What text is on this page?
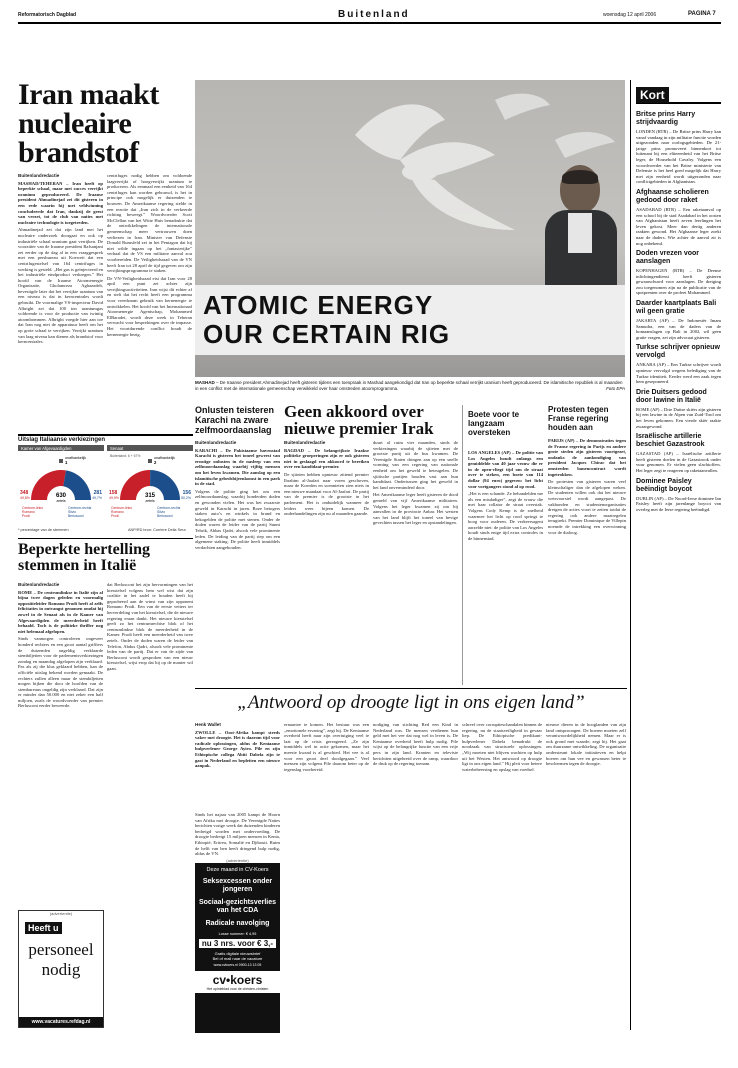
Reformatorisch Dagblad	Buitenland	woensdag 12 april 2006	PAGINA 7
Iran maakt nucleaire brandstof
Buitenlandredactie

MASHAD/TEHERAN – Iran heeft op beperkte schaal, maar met succes verrijkt uranium geproduceerd. De Iraanse president Ahmadinejad zei dit gisteren in een rede waarin hij met veldwinning concludeerde dat Iran, dankzij de geest van verzet, tot de club van naties met nucleaire technologie is toegetreden.

Ahmadinejad zei dat zijn land met het nucleaire onderzoek doorgaat en ook op industriële schaal uranium gaat verrijken. De voorzitter van de Iraanse president Rafsanjani zei eerder op de dag al in een vraaggesprek met een persbureau uit Koeweit dat een centrifugestelsel van 164 centrifuges in werking is gesteld. „Het gas is geïnjecteerd en het industriële eindproduct verkregen.” Het hoofd van de Iraanse Atoomenergie Organisatie, Gholamreza Aghazadeh, bevestigde later dat het verrijkte uranium van een niveau is dat in kerncentrales wordt gebruikt. De voormalige VS-inspecteur David Albright zei dat 100 ton uraniumgas voldoende is voor de productie van twintig atoombommen. Albright voegde hier aan toe dat Iran nog niet de apparatuur heeft om het op grote schaal te verrijken. Verrijkt uranium van laag niveau kan dienen als brandstof voor kerncentrales.

centrifuges nodig hebben om voldoende laagverrijkt of hoogverrijkt uranium te produceren. Als eenmaal een eenheid van 164 centrifuges kan worden gebouwd, is het in principe ook mogelijk er duizenden te bouwen. De Amerikaanse regering stelde in een reactie dat „Iran zich in de verkeerde richting beweegt.” Woordvoerder Scott McClellan van het Witte Huis benadrukte dat de ontwikkelingen de internationale gemeenschap meer vertrouwen doen verliezen in Iran. Minister van Defensie Donald Rumsfeld zei in het Pentagon dat hij niet wilde ingaan op het „fantasierijke” verhaal dat de VS een militaire aanval zou voorbereiden. De Veiligheidsraad van de VN heeft Iran tot 28 april de tijd gegeven om zijn verrijkingsprogramma te staken.

De VN-Veiligheidsraad eist dat Iran voor 28 april een punt zet achter zijn verrijkingsactiviteiten. Iran wijst dit echter af en stelt dat het recht heeft een programma voor vreedzaam gebruik van kernenergie te ontwikkelen. Het hoofd van het Internationaal Atoomenergie Agentschap, Mohammed ElBaradei, wordt deze week in Teheran verwacht voor besprekingen over de impasse. Het voortdurende conflict houdt de kernenergie bezig.

ATOMIC ENERGY
OUR CERTAIN RIG
MASHAD – De Iraanse president Ahmadinejad heeft gisteren tijdens een toespraak in Mashad aangekondigd dat Iran op beperkte schaal verrijkt uranium heeft geproduceerd. De islamitische republiek is al maanden in een conflict met de internationale gemeenschap verwikkeld over haar omstreden atoomprogramma.	Foto EPA
Uitslag Italiaanse verkiezingen
Kamer van Afgevaardigden	Senaat
630
zetels
348
49,8%
281
49,7%
onafhankelijk
1
Centrum-links Romano Prodi
Centrum-rechts Silvio Berlusconi
315
zetels
158
49,9%
156
50,2%
onafhankelijk
2
Buitenland: 6 + 67%
Centrum-links Romano Prodi
Centrum-rechts Silvio Berlusconi
* percentage van de stemmen	ANP/RD bron: Corriere Della Sera
Beperkte hertelling stemmen in Italië
Buitenlandredactie

ROME – De centrumlinkse in Italië zijn al bijna twee dagen geleden en voormalig oppositieleider Romano Prodi heeft al zelfs felicitaties in ontvangst genomen omdat hij zowel in de Senaat als in de Kamer van Afgevaardigden de meerderheid heeft behaald. Toch is de politieke thriller nog niet helemaal afgelopen.

Sinds vannorgen controleren ongeveer honderd rechters en een groot aantal griffiers de duizenden ongeldig verklaarde stembiljetten voor de parlementsverkiezingen zondag en maandag afgelopen zijn verklaard. Pas als zij die klus geklaard hebben, kan de officiële uitslag bekend worden gemaakt. De rechters zullen alleen maar de stembiljetten mogen bijken die door de hoofden van de stembureaus ongeldig zijn verklaard. Dat zijn er minder dan 50.000 en niet zeker een half miljoen, zoals de woordvoerder van premier Berlusconi eerder beweerde.

dat Berlusconi het zijn hervormingen van het kiesstelsel volgens hem wel wist dat zijn coalitie in het zadel te houden heeft hij geprobeerd aan de winst van zijn opponent Romano Prodi. Een van de eerste vetters ter herverdeling van het kiesstelsel, die de nieuwe regering eraan dankt. Het nieuwe kiesstelsel geeft zo het centrumrechtse blok of het centrumlinkse blok de meerderheid in de Kamer. Prodi heeft een meerderheid van twee zetels. Onder de doden waren de leider van Telefon, Abdus Qadri, alsook vele prominente leden van de partij. Dat er van de zijde van Berlusconi wordt gesproken van een nieuw kiesstelsel, wijst erop dat hij op de manier wil gaan.

(advertentie)
Heeft u
personeel
nodig
www.vacatures.refdag.nl
Onlusten teisteren Karachi na zware zelfmoordaanslag
Buitenlandredactie

KARACHI – De Pakistaanse havenstad Karachi is gisteren het toneel geweest van ernstige onlusten in de nasleep van een zelfmoordaanslag waarbij vijftig mensen om het leven kwamen. Die aanslag op een islamitische gebedsbijeenkomst in een park in de stad.

Volgens de politie ging het om een zelfmoordaanslag, waarbij honderden doden en gewonden vielen. Het was het zwaarste geweld in Karachi in jaren. Boze betogers staken auto’s en winkels in brand en bekogelden de politie met stenen. Onder de doden waren de leider van de partij Sunni Tehrik, Abbas Qadri, alsook vele prominente leden. De leiding van de partij riep om een algemene staking. De politie heeft inmiddels verdachten aangehouden.

Geen akkoord over nieuwe premier Irak
Buitenlandredactie

BAGDAD – De belangrijkste Iraakse politieke groeperingen zijn er ook gisteren niet in geslaagd een akkoord te bereiken over een kandidaat-premier.

De sjiieten hebben opnieuw zittend premier Ibrahim al-Jaafari naar voren geschoven, maar de Koerden en soennieten zien niets in een nieuwe mandaat voor Al-Jaafari. De partij van de premier is de grootste in het parlement. Het is onduidelijk wanneer de leiders weer bijeen komen. De onderhandelingen zijn nu al maanden gaande.

duurt al ruim vier maanden, sinds de verkiezingen waarbij de sjiieten met de grootste partij uit de bus kwamen. De Verenigde Staten dringen aan op een snelle vorming van een regering van nationale eenheid om het geweld te beteugelen. De sjiitische partijen houden vast aan hun kandidaat. Ondertussen ging het geweld in het land onverminderd door.

Het Amerikaanse leger heeft gisteren de dood gemeld van vijf Amerikaanse militairen. Volgens het leger kwamen zij om bij aanvallen in de provincie Anbar. Het westen van het land blijft het toneel van hevige gevechten tussen het leger en opstandelingen.

Boete voor te langzaam oversteken

LOS ANGELES (AP) – De politie van Los Angeles houdt onlangs een gemiddelde van 40 jaar vrouw die er in de open-vliegt tijd om de straat over te steken, een boete van 114 dollar (94 euro) gegeven: het licht voor voetgangers stond al op rood.

„Het is een schande. Ze behandelden me als een misdadiger”, zegt de vrouw die met haar rollator de straat overstak. Volgens Cody Kemp is de snelheid waarmee het licht op rood springt te hoog voor ouderen. De verkeersagent aarzelde niet: de politie van Los Angeles houdt sinds enige tijd extra controles in de binnenstad.

Protesten tegen Franse regering houden aan

PARIJS (AP) – De demonstraties tegen de Franse regering in Parijs en andere grote steden zijn gisteren voortgezet, ondanks de aankondiging van president Jacques Chirac dat het omstreden banencontract wordt ingetrokken.

De protesten van gisteren waren veel kleinschaliger dan de afgelopen weken. De studenten willen ook dat het nieuwe wetsvoorstel wordt aangepast. De vakbonden en studentenorganisaties dreigen de acties voort te zetten totdat de regering ook andere maatregelen terugtrekt. Premier Dominique de Villepin noemde de intrekking een overwinning voor de dialoog.

„Antwoord op droogte ligt in ons eigen land”
Henk Wallet

ZWOLLE – Oost-Afrika kampt steeds vaker met droogte. Het is daarom tijd voor radicale oplossingen, aldus de Keniaanse hulpverlener George Ayiro. Pile en zijn Ethiopische collega Abiti Dabela zijn te gast in Nederland en bepleiten een nieuwe aanpak.

Sinds het najaar van 2005 kampt de Hoorn van Afrika met droogte. De Verenigde Naties berichten vorige week dat duizenden kinderen bedreigd worden met ondervoeding. De droogte bedreigt 15 miljoen mensen in Kenia, Ethiopië, Eritrea, Somalië en Djibouti. Ruim de helft van hen heeft dringend hulp nodig, aldus de VN.

(advertentie)
Deze maand in CV-Koers
Seksexcessen onder jongeren
Sociaal-gezichtsverlies van het CDA
Radicale navolging
Losse nummer: € 4,95
nu 3 nrs. voor € 3,-
Gratis digitale nieuwsbrief
Bel of mail naar de vacature
www.cvkoers.nl 0900-13 13 05
cv•koers
Het opinieblad voor de christen-christen

ernaartoe te komen. Het bestuur was een „emotionele ervaring”, zegt hij. De Keniaanse overheid heeft naar zijn overtuiging veel te laat op de crisis gereageerd. „Ze zijn inmiddels wel in actie gekomen, maar het meeste kwaad is al geschied. Het vee is al voor een groot deel doodgegaan.” Veel mensen zijn volgens Pile daarom beter op de tegenslag voorbereid.

nodiging van stichting Red een Kind in Nederland was. De mensen verdienen hun geld met het vee dat nog wel in leven is. De Keniaanse overheid heeft hulp nodig. Pile wijst op de belangrijke functie van een vrije pers in zijn land. Kranten en televisie berichtten uitgebreid over de ramp, waardoor de druk op de regering toenam.

schreef over corruptieschandalen binnen de regering, nu de staatsveiligheid in gevaar liep. De Ethiopische predikant-hulpverlener Dabela benadrukt de noodzaak van structurele oplossingen. „Wij moeten niet blijven wachten op hulp uit het Westen. Het antwoord op droogte ligt in ons eigen land.” Hij pleit voor betere waterbeheersing en opslag van voedsel.

nieuwe dieren in de hooglanden van zijn land ontsproongen. De boeren moeten zelf verantwoordelijkheid nemen. Maar er is ook grond met waarde, zegt hij. Het gaat om duurzame ontwikkeling. De organisatie ondersteunt lokale initiatieven en helpt boeren om hun vee en gewassen beter te beschermen tegen de droogte.

Kort
Britse prins Harry strijdvaardig
LONDEN (RTR) – De Britse prins Harry kan vanaf vandaag in zijn militaire functie worden uitgezonden naar oorlogsgebieden. De 21-jarige prins promoveert binnenkort tot luitenant bij een eliteeenheid van het Britse leger, de Household Cavalry. Volgens een woordvoerder van het Britse ministerie van Defensie is het heel goed mogelijk dat Harry met zijn eenheid wordt uitgezonden naar conflictgebieden in Afghanistan.
Afghaanse scholieren gedood door raket
ASADABAD (RTR) – Een raketaanval op een school bij de stad Asadabad in het oosten van Afghanistan heeft zeven leerlingen het leven gekost. Meer dan dertig anderen raakten gewond. Het Afghaanse leger zoekt naar de daders. Wie achter de aanval zit is nog onbekend.
Doden vrezen voor aanslagen
KOPENHAGEN (RTR) – De Deense inlichtingendienst heeft gisteren gewaarschuwd voor aanslagen. De dreiging zou toegenomen zijn na de publicatie van de spotprenten over de profeet Mohammed.
Daarder kaartplaats Bali wil geen gratie
JAKARTA (AP) – De Indonesiër Imam Samudra, een van de daders van de bomaanslagen op Bali in 2002, wil geen gratie vragen, zei zijn advocaat gisteren.
Turkse schrijver opnieuw vervolgd
ANKARA (AP) – Een Turkse schrijver wordt opnieuw vervolgd wegens belediging van de Turkse identiteit. Eerder werd een zaak tegen hem geseponeerd.
Drie Duitsers gedood door lawine in Italië
ROME (AP) – Drie Duitse skiërs zijn gisteren bij een lawine in de Alpen van Zuid-Tirol om het leven gekomen. Een vierde skiër raakte zwaargewond.
Israëlische artillerie beschiet Gazastrook
GAZASTAD (AP) – Israëlische artillerie heeft gisteren doelen in de Gazastrook onder vuur genomen. Er vielen geen slachtoffers. Het leger zegt te reageren op raketaanvallen.
Dominee Paisley beëindigt boycot
DUBLIN (AP) – De Noord-Ierse dominee Ian Paisley heeft zijn jarenlange boycot van overleg met de Ierse regering beëindigd.
